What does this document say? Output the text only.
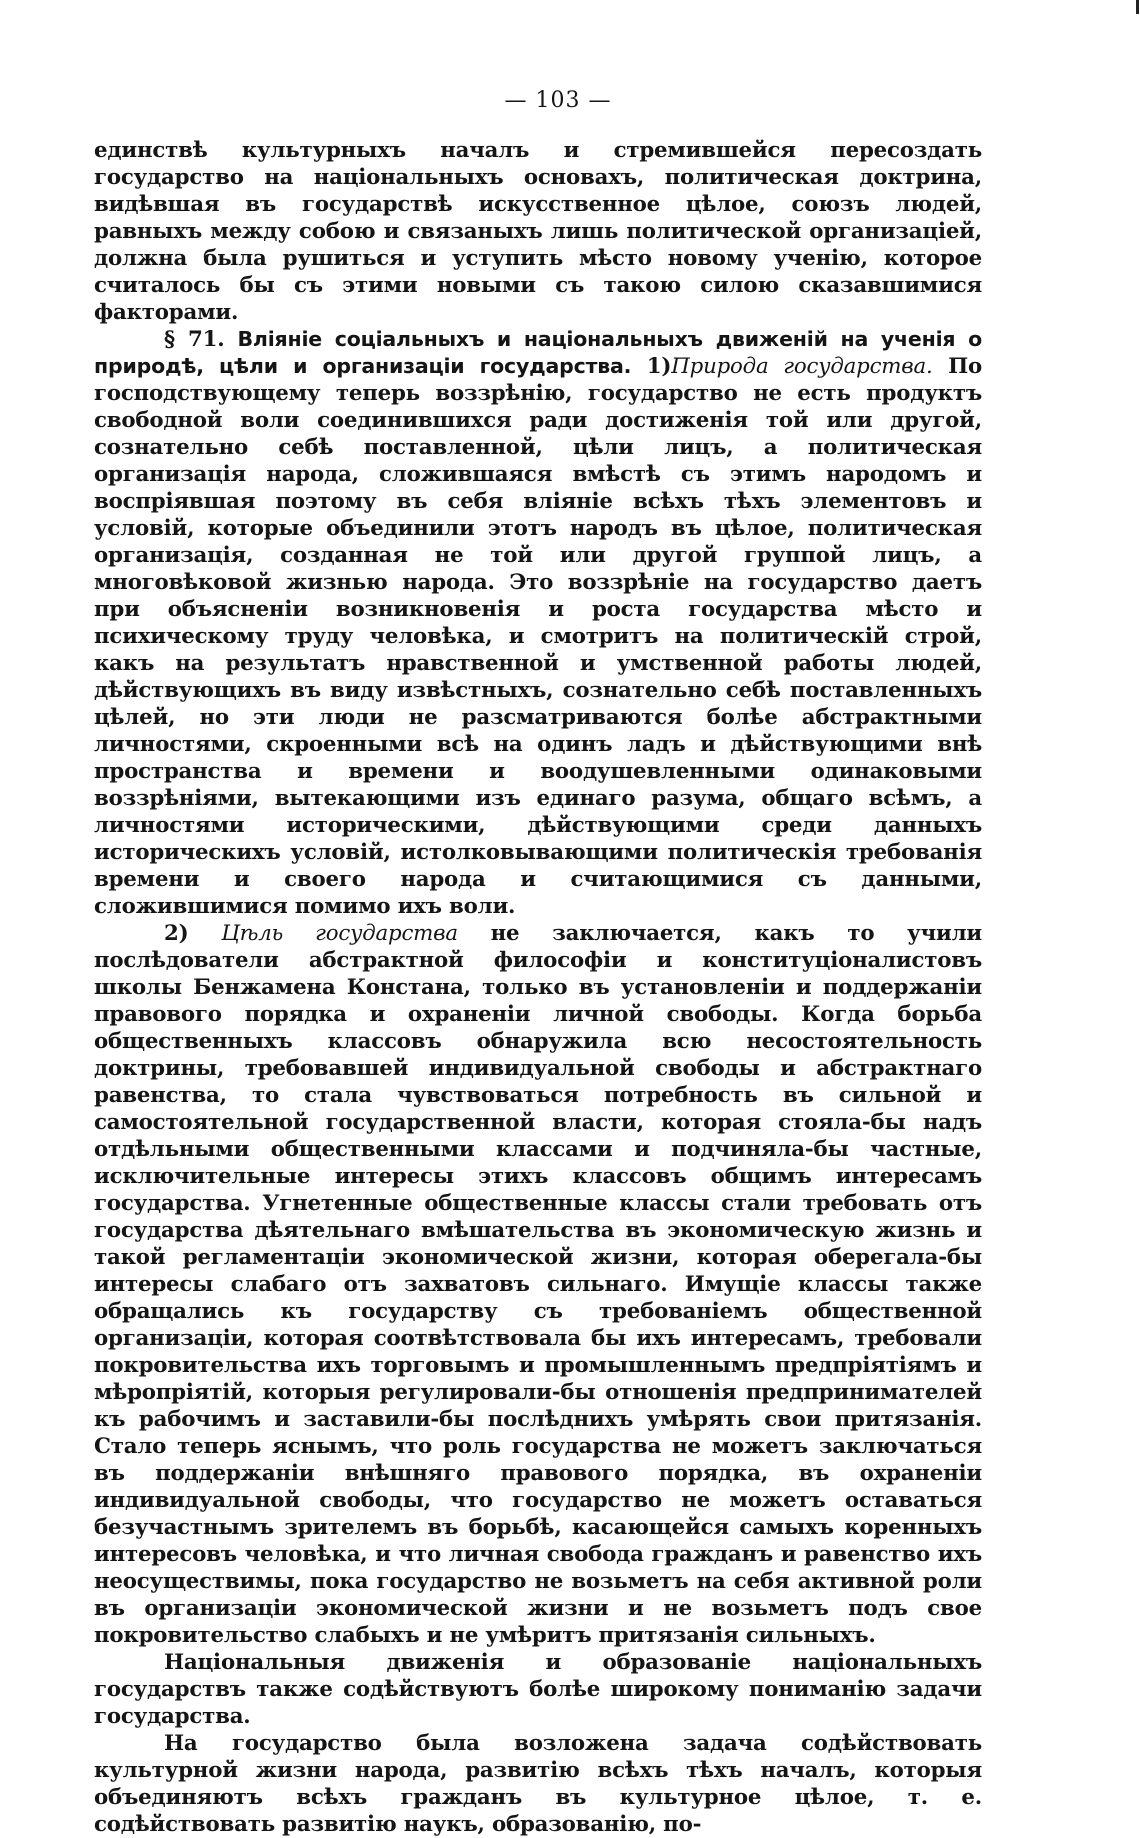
— 103 —

единствѣ культурныхъ началъ и стремившейся пересоздать государство на національныхъ основахъ, политическая доктрина, видѣвшая въ государствѣ искусственное цѣлое, союзъ людей, равныхъ между собою и связаныхъ лишь политической организаціей, должна была рушиться и уступить мѣсто новому ученію, которое считалось бы съ этими новыми съ такою силою сказавшимися факторами.

§ 71. Вліяніе соціальныхъ и національныхъ движеній на ученія о природѣ, цѣли и организаціи государства. 1)Природа государства. По господствующему теперь воззрѣнію, государство не есть продуктъ свободной воли соединившихся ради достиженія той или другой, сознательно себѣ поставленной, цѣли лицъ, а политическая организація народа, сложившаяся вмѣстѣ съ этимъ народомъ и воспріявшая поэтому въ себя вліяніе всѣхъ тѣхъ элементовъ и условій, которые объединили этотъ народъ въ цѣлое, политическая организація, созданная не той или другой группой лицъ, а многовѣковой жизнью народа. Это воззрѣніе на государство даетъ при объясненіи возникновенія и роста государства мѣсто и психическому труду человѣка, и смотритъ на политическій строй, какъ на результатъ нравственной и умственной работы людей, дѣйствующихъ въ виду извѣстныхъ, сознательно себѣ поставленныхъ цѣлей, но эти люди не разсматриваются болѣе абстрактными личностями, скроенными всѣ на одинъ ладъ и дѣйствующими внѣ пространства и времени и воодушевленными одинаковыми воззрѣніями, вытекающими изъ единаго разума, общаго всѣмъ, а личностями историческими, дѣйствующими среди данныхъ историческихъ условій, истолковывающими политическія требованія времени и своего народа и считающимися съ данными, сложившимися помимо ихъ воли.

2) Цѣль государства не заключается, какъ то учили послѣдователи абстрактной философіи и конституціоналистовъ школы Бенжамена Констана, только въ установленіи и поддержаніи правового порядка и охраненіи личной свободы. Когда борьба общественныхъ классовъ обнаружила всю несостоятельность доктрины, требовавшей индивидуальной свободы и абстрактнаго равенства, то стала чувствоваться потребность въ сильной и самостоятельной государственной власти, которая стояла-бы надъ отдѣльными общественными классами и подчиняла-бы частные, исключительные интересы этихъ классовъ общимъ интересамъ государства. Угнетенные общественные классы стали требовать отъ государства дѣятельнаго вмѣшательства въ экономическую жизнь и такой регламентаціи экономической жизни, которая оберегала-бы интересы слабаго отъ захватовъ сильнаго. Имущіе классы также обращались къ государству съ требованіемъ общественной организаціи, которая соотвѣтствовала бы ихъ интересамъ, требовали покровительства ихъ торговымъ и промышленнымъ предпріятіямъ и мѣропріятій, которыя регулировали-бы отношенія предпринимателей къ рабочимъ и заставили-бы послѣднихъ умѣрять свои притязанія. Стало теперь яснымъ, что роль государства не можетъ заключаться въ поддержаніи внѣшняго правового порядка, въ охраненіи индивидуальной свободы, что государство не можетъ оставаться безучастнымъ зрителемъ въ борьбѣ, касающейся самыхъ коренныхъ интересовъ человѣка, и что личная свобода гражданъ и равенство ихъ неосуществимы, пока государство не возьметъ на себя активной роли въ организаціи экономической жизни и не возьметъ подъ свое покровительство слабыхъ и не умѣритъ притязанія сильныхъ.

Національныя движенія и образованіе національныхъ государствъ также содѣйствуютъ болѣе широкому пониманію задачи государства.

На государство была возложена задача содѣйствовать культурной жизни народа, развитію всѣхъ тѣхъ началъ, которыя объединяютъ всѣхъ гражданъ въ культурное цѣлое, т. е. содѣйствовать развитію наукъ, образованію, по-
